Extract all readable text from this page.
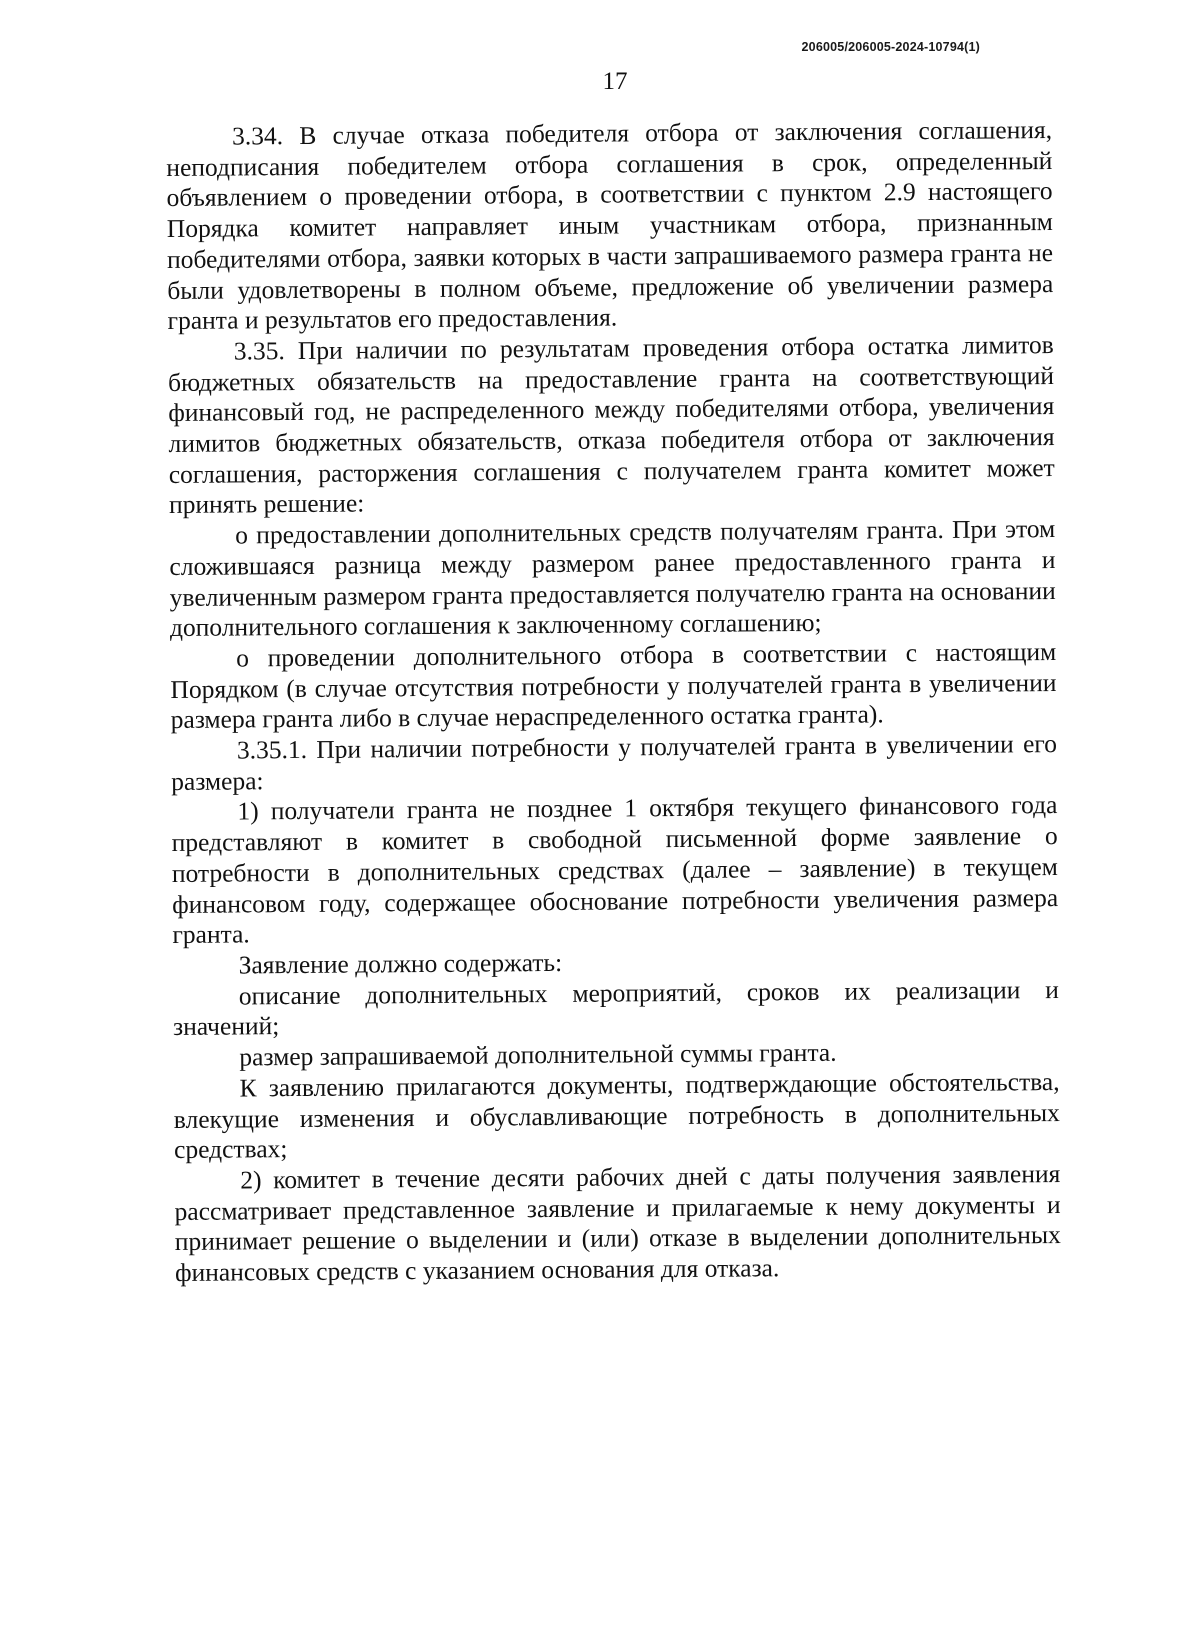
206005/206005-2024-10794(1)
17

3.34. В случае отказа победителя отбора от заключения соглашения, неподписания победителем отбора соглашения в срок, определенный объявлением о проведении отбора, в соответствии с пунктом 2.9 настоящего Порядка комитет направляет иным участникам отбора, признанным победителями отбора, заявки которых в части запрашиваемого размера гранта не были удовлетворены в полном объеме, предложение об увеличении размера гранта и результатов его предоставления.

3.35. При наличии по результатам проведения отбора остатка лимитов бюджетных обязательств на предоставление гранта на соответствующий финансовый год, не распределенного между победителями отбора, увеличения лимитов бюджетных обязательств, отказа победителя отбора от заключения соглашения, расторжения соглашения с получателем гранта комитет может принять решение:

о предоставлении дополнительных средств получателям гранта. При этом сложившаяся разница между размером ранее предоставленного гранта и увеличенным размером гранта предоставляется получателю гранта на основании дополнительного соглашения к заключенному соглашению;

о проведении дополнительного отбора в соответствии с настоящим Порядком (в случае отсутствия потребности у получателей гранта в увеличении размера гранта либо в случае нераспределенного остатка гранта).

3.35.1. При наличии потребности у получателей гранта в увеличении его размера:

1) получатели гранта не позднее 1 октября текущего финансового года представляют в комитет в свободной письменной форме заявление о потребности в дополнительных средствах (далее – заявление) в текущем финансовом году, содержащее обоснование потребности увеличения размера гранта.

Заявление должно содержать:

описание дополнительных мероприятий, сроков их реализации и значений;

размер запрашиваемой дополнительной суммы гранта.

К заявлению прилагаются документы, подтверждающие обстоятельства, влекущие изменения и обуславливающие потребность в дополнительных средствах;

2) комитет в течение десяти рабочих дней с даты получения заявления рассматривает представленное заявление и прилагаемые к нему документы и принимает решение о выделении и (или) отказе в выделении дополнительных финансовых средств с указанием основания для отказа.
